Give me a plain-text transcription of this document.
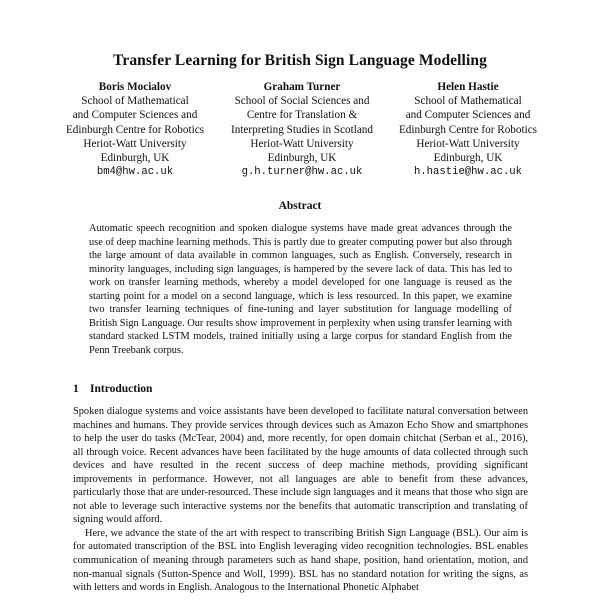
Transfer Learning for British Sign Language Modelling
Boris Mocialov
School of Mathematical
and Computer Sciences and
Edinburgh Centre for Robotics
Heriot-Watt University
Edinburgh, UK
bm4@hw.ac.uk
Graham Turner
School of Social Sciences and
Centre for Translation &
Interpreting Studies in Scotland
Heriot-Watt University
Edinburgh, UK
g.h.turner@hw.ac.uk
Helen Hastie
School of Mathematical
and Computer Sciences and
Edinburgh Centre for Robotics
Heriot-Watt University
Edinburgh, UK
h.hastie@hw.ac.uk
Abstract
Automatic speech recognition and spoken dialogue systems have made great advances through the use of deep machine learning methods. This is partly due to greater computing power but also through the large amount of data available in common languages, such as English. Conversely, research in minority languages, including sign languages, is hampered by the severe lack of data. This has led to work on transfer learning methods, whereby a model developed for one language is reused as the starting point for a model on a second language, which is less resourced. In this paper, we examine two transfer learning techniques of fine-tuning and layer substitution for language modelling of British Sign Language. Our results show improvement in perplexity when using transfer learning with standard stacked LSTM models, trained initially using a large corpus for standard English from the Penn Treebank corpus.
1 Introduction

Spoken dialogue systems and voice assistants have been developed to facilitate natural conversation between machines and humans. They provide services through devices such as Amazon Echo Show and smartphones to help the user do tasks (McTear, 2004) and, more recently, for open domain chitchat (Serban et al., 2016), all through voice. Recent advances have been facilitated by the huge amounts of data collected through such devices and have resulted in the recent success of deep machine methods, providing significant improvements in performance. However, not all languages are able to benefit from these advances, particularly those that are under-resourced. These include sign languages and it means that those who sign are not able to leverage such interactive systems nor the benefits that automatic transcription and translating of signing would afford.

Here, we advance the state of the art with respect to transcribing British Sign Language (BSL). Our aim is for automated transcription of the BSL into English leveraging video recognition technologies. BSL enables communication of meaning through parameters such as hand shape, position, hand orientation, motion, and non-manual signals (Sutton-Spence and Woll, 1999). BSL has no standard notation for writing the signs, as with letters and words in English. Analogous to the International Phonetic Alphabet
